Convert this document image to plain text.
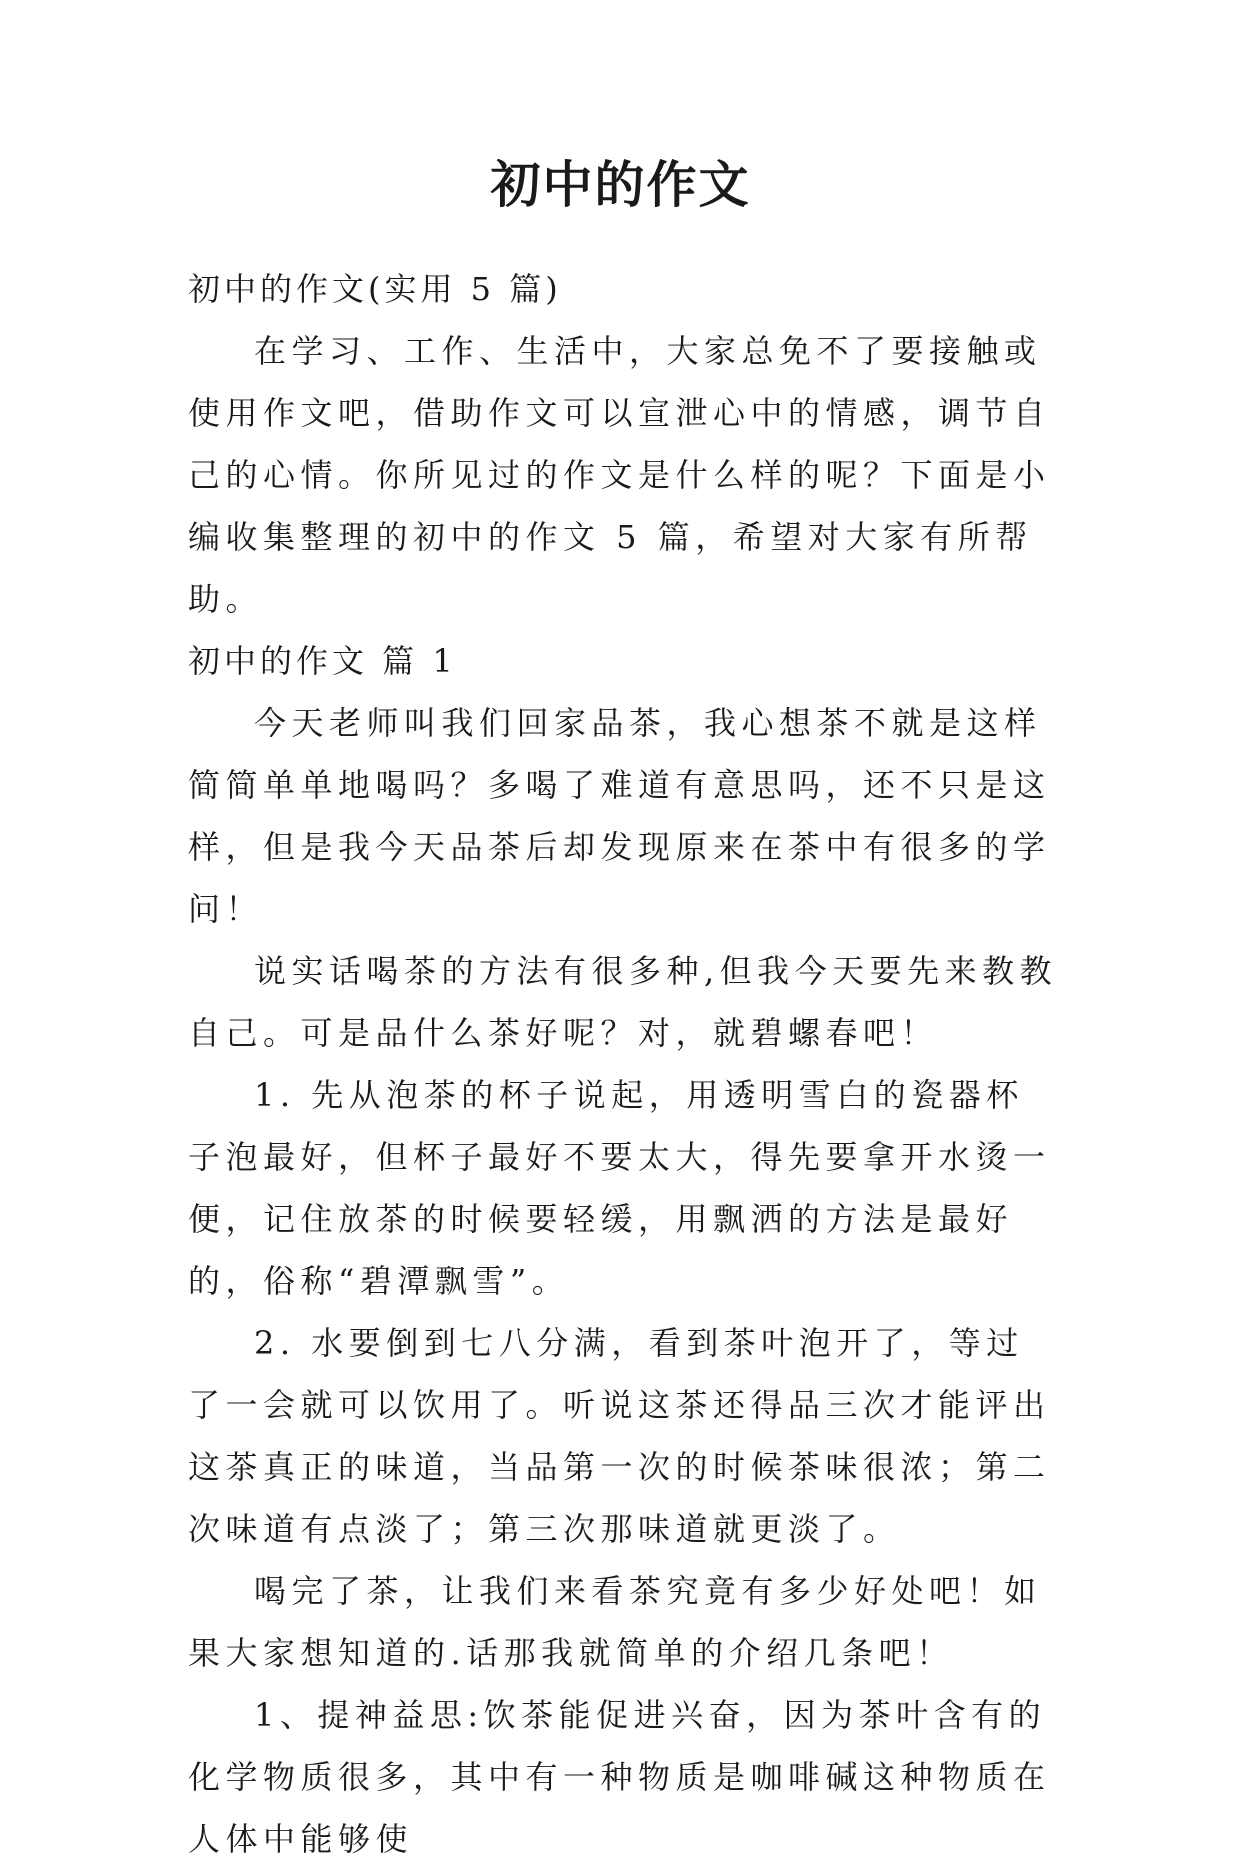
初中的作文

初中的作文(实用 5 篇)

在学习、工作、生活中，大家总免不了要接触或使用作文吧，借助作文可以宣泄心中的情感，调节自己的心情。你所见过的作文是什么样的呢？下面是小编收集整理的初中的作文 5 篇，希望对大家有所帮助。

初中的作文 篇 1

今天老师叫我们回家品茶，我心想茶不就是这样简简单单地喝吗？多喝了难道有意思吗，还不只是这样，但是我今天品茶后却发现原来在茶中有很多的学问！

说实话喝茶的方法有很多种,但我今天要先来教教自己。可是品什么茶好呢？对，就碧螺春吧！

1. 先从泡茶的杯子说起，用透明雪白的瓷器杯子泡最好，但杯子最好不要太大，得先要拿开水烫一便，记住放茶的时候要轻缓，用飘洒的方法是最好的，俗称“碧潭飘雪”。

2. 水要倒到七八分满，看到茶叶泡开了，等过了一会就可以饮用了。听说这茶还得品三次才能评出这茶真正的味道，当品第一次的时候茶味很浓；第二次味道有点淡了；第三次那味道就更淡了。

喝完了茶，让我们来看茶究竟有多少好处吧！如果大家想知道的.话那我就简单的介绍几条吧！

1、提神益思:饮茶能促进兴奋，因为茶叶含有的化学物质很多，其中有一种物质是咖啡碱这种物质在人体中能够使
